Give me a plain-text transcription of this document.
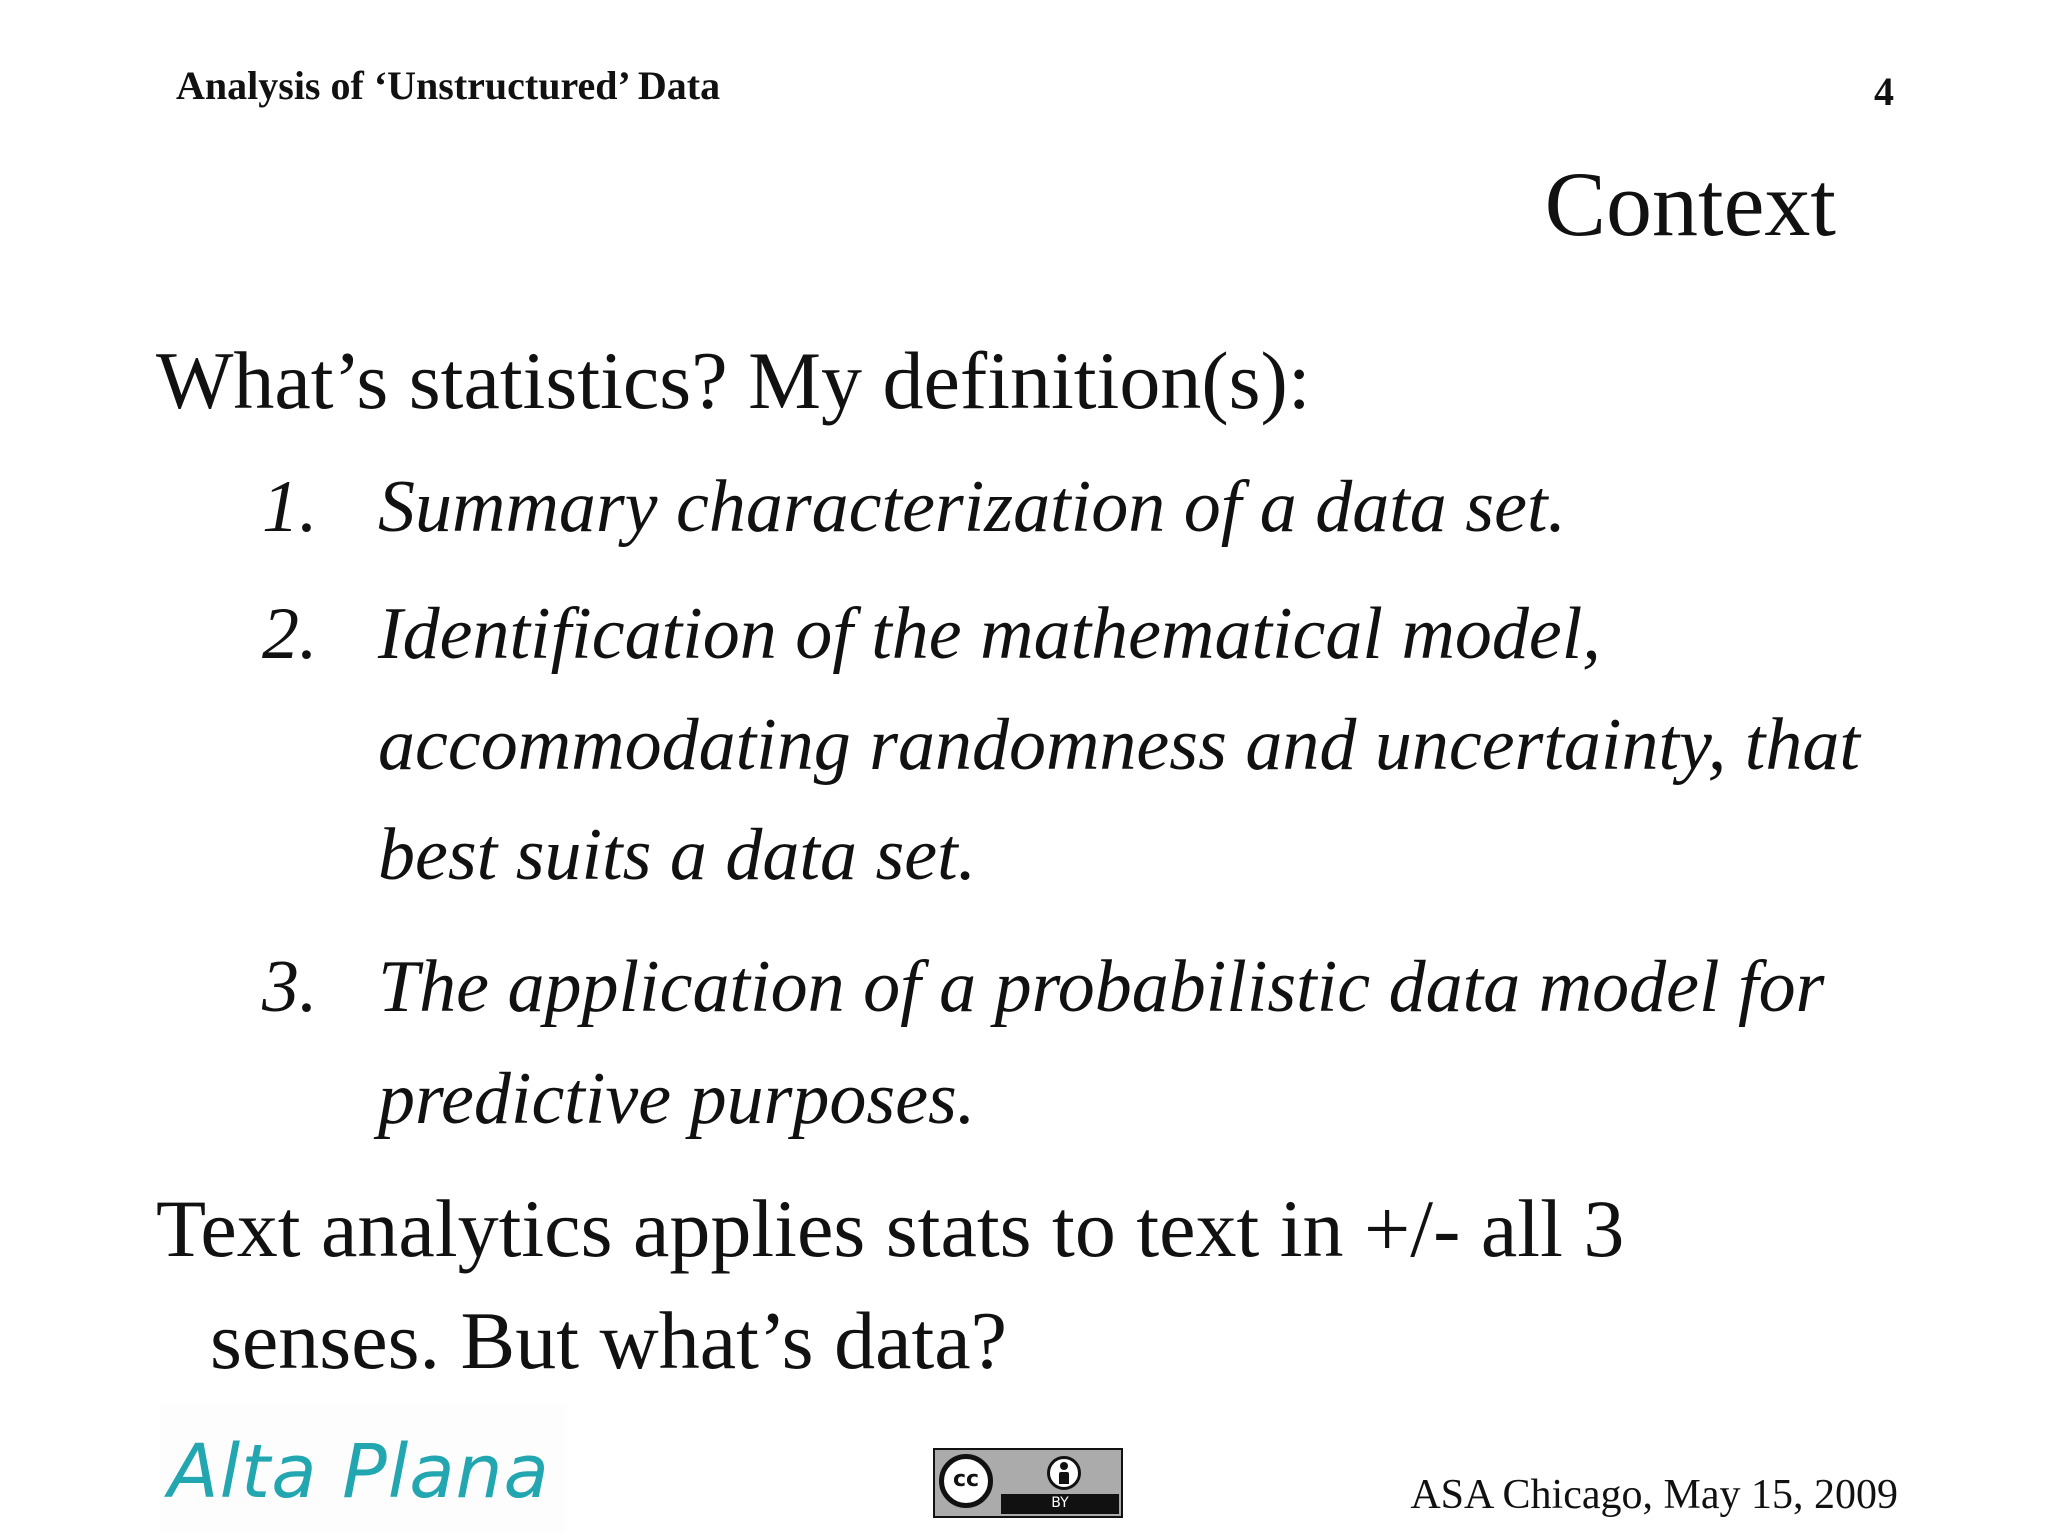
Analysis of ‘Unstructured’ Data	4
Context
What’s statistics? My definition(s):
1. Summary characterization of a data set.
2. Identification of the mathematical model,
accommodating randomness and uncertainty, that
best suits a data set.
3. The application of a probabilistic data model for
predictive purposes.
Text analytics applies stats to text in +/- all 3
senses. But what’s data?
Alta Plana	cc
BY	ASA Chicago, May 15, 2009
